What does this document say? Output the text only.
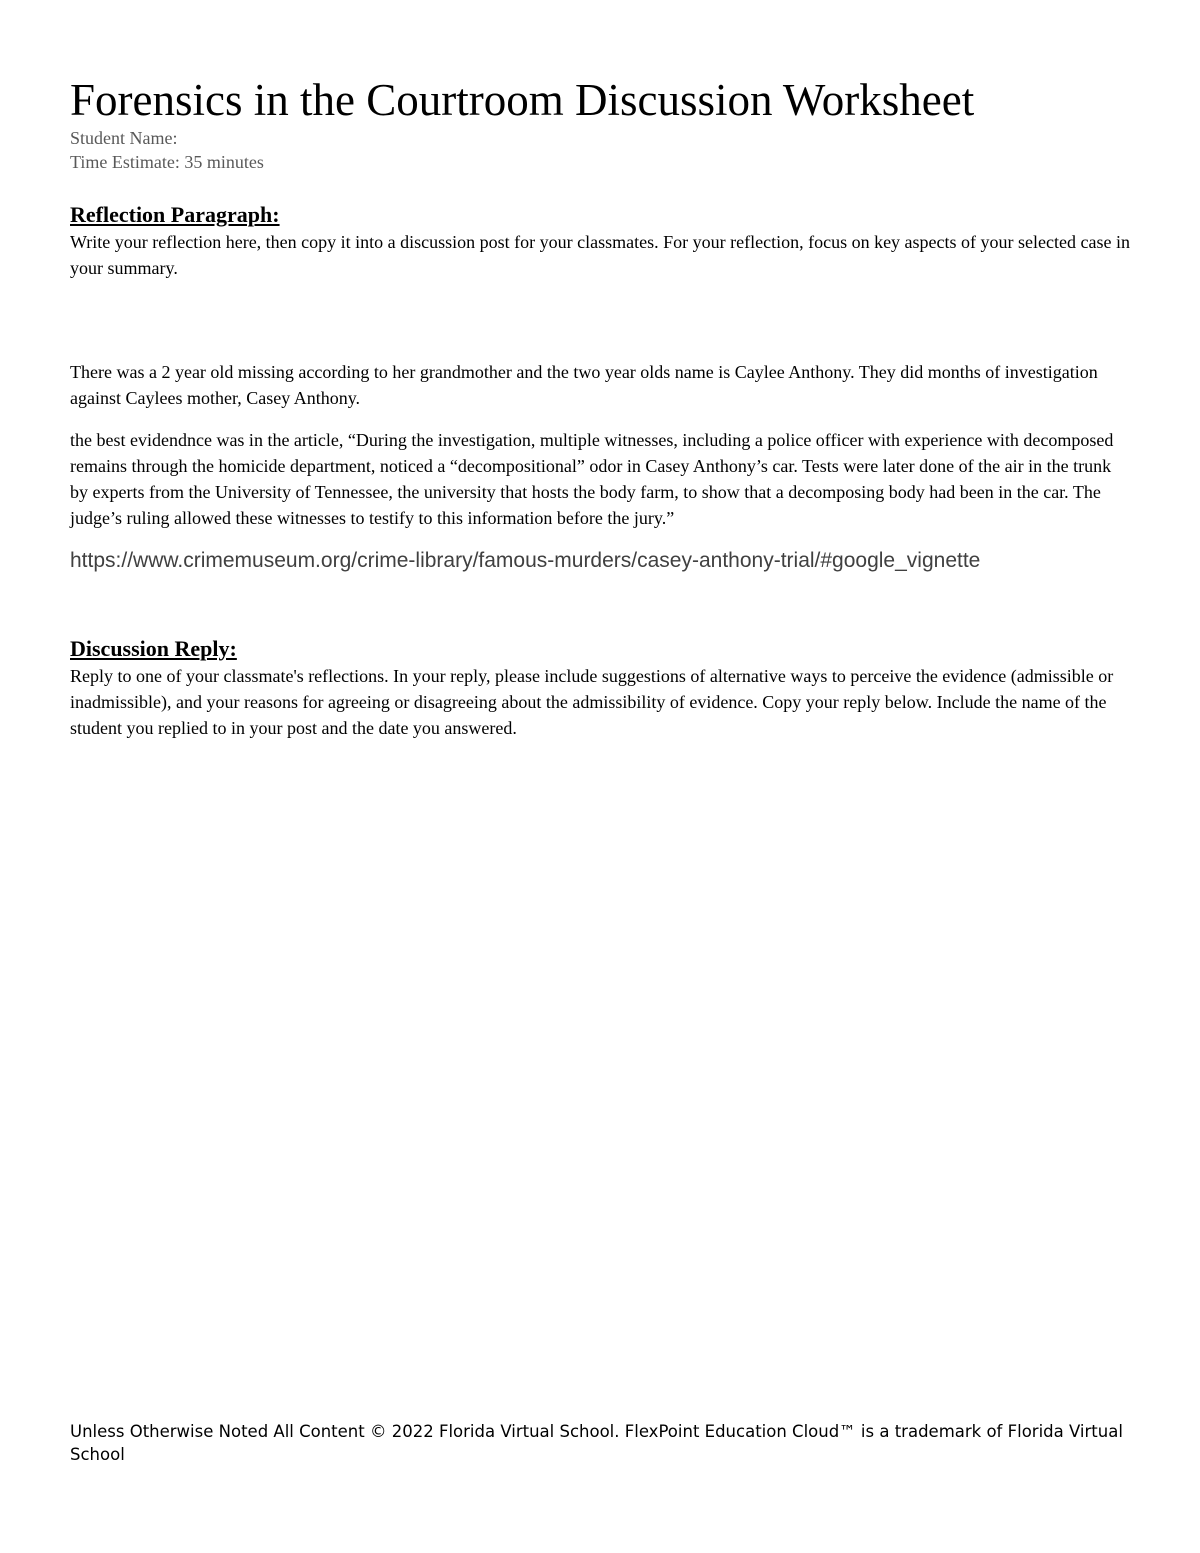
Forensics in the Courtroom Discussion Worksheet
Student Name:
Time Estimate: 35 minutes
Reflection Paragraph:

Write your reflection here, then copy it into a discussion post for your classmates. For your reflection, focus on key aspects of your selected case in your summary.

There was a 2 year old missing according to her grandmother and the two year olds name is Caylee Anthony. They did months of investigation against Caylees mother, Casey Anthony.

the best evidendnce was in the article, “During the investigation, multiple witnesses, including a police officer with experience with decomposed remains through the homicide department, noticed a “decompositional” odor in Casey Anthony’s car. Tests were later done of the air in the trunk by experts from the University of Tennessee, the university that hosts the body farm, to show that a decomposing body had been in the car. The judge’s ruling allowed these witnesses to testify to this information before the jury.”

https://www.crimemuseum.org/crime-library/famous-murders/casey-anthony-trial/#google_vignette
Discussion Reply:

Reply to one of your classmate's reflections. In your reply, please include suggestions of alternative ways to perceive the evidence (admissible or inadmissible), and your reasons for agreeing or disagreeing about the admissibility of evidence. Copy your reply below. Include the name of the student you replied to in your post and the date you answered.

Unless Otherwise Noted All Content © 2022 Florida Virtual School. FlexPoint Education Cloud™ is a trademark of Florida Virtual School
